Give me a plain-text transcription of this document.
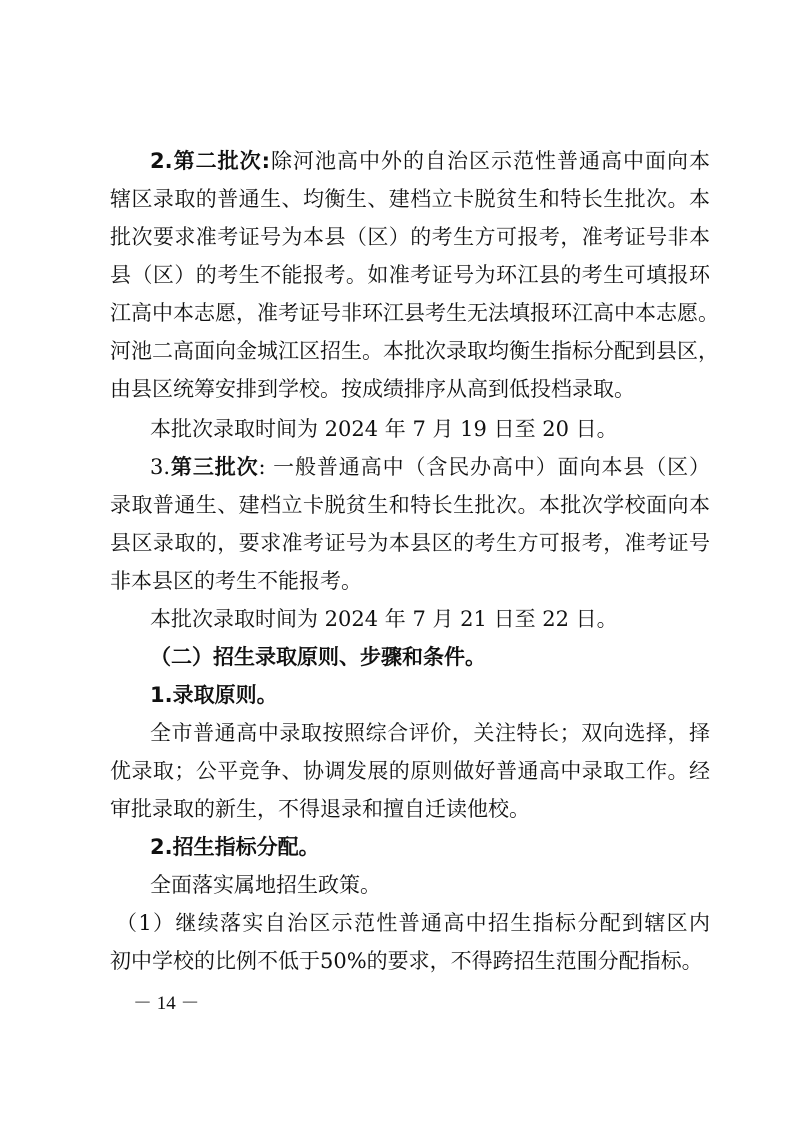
2.第二批次:除河池高中外的自治区示范性普通高中面向本
辖区录取的普通生、均衡生、建档立卡脱贫生和特长生批次。本
批次要求准考证号为本县（区）的考生方可报考，准考证号非本
县（区）的考生不能报考。如准考证号为环江县的考生可填报环
江高中本志愿，准考证号非环江县考生无法填报环江高中本志愿。
河池二高面向金城江区招生。本批次录取均衡生指标分配到县区，
由县区统筹安排到学校。按成绩排序从高到低投档录取。
本批次录取时间为 2024 年 7 月 19 日至 20 日。
3.第三批次: 一般普通高中（含民办高中）面向本县（区）
录取普通生、建档立卡脱贫生和特长生批次。本批次学校面向本
县区录取的，要求准考证号为本县区的考生方可报考，准考证号
非本县区的考生不能报考。
本批次录取时间为 2024 年 7 月 21 日至 22 日。
（二）招生录取原则、步骤和条件。
1.录取原则。
全市普通高中录取按照综合评价，关注特长；双向选择，择
优录取；公平竞争、协调发展的原则做好普通高中录取工作。经
审批录取的新生，不得退录和擅自迁读他校。
2.招生指标分配。
全面落实属地招生政策。
（1）继续落实自治区示范性普通高中招生指标分配到辖区内
初中学校的比例不低于50%的要求，不得跨招生范围分配指标。
－ 14 －
